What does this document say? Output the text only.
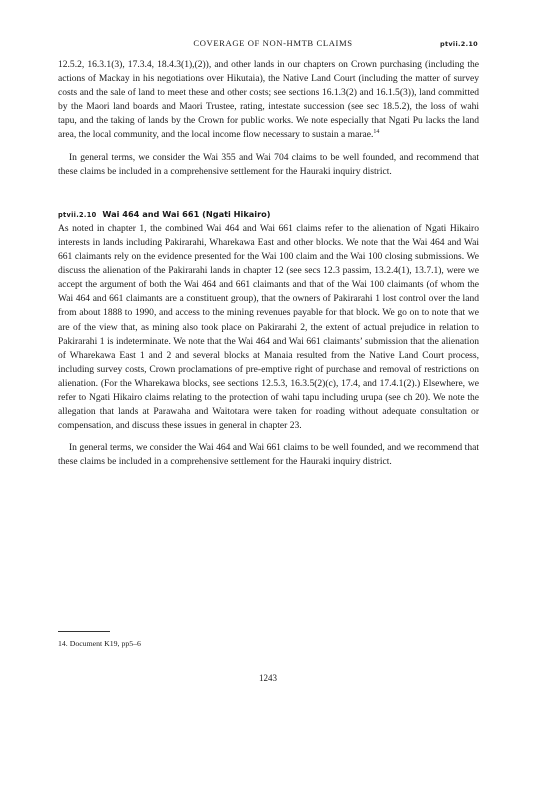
COVERAGE OF NON-HMTB CLAIMS	ptvii.2.10

12.5.2, 16.3.1(3), 17.3.4, 18.4.3(1),(2)), and other lands in our chapters on Crown purchasing (including the actions of Mackay in his negotiations over Hikutaia), the Native Land Court (including the matter of survey costs and the sale of land to meet these and other costs; see sections 16.1.3(2) and 16.1.5(3)), land committed by the Maori land boards and Maori Trustee, rating, intestate succession (see sec 18.5.2), the loss of wahi tapu, and the taking of lands by the Crown for public works. We note especially that Ngati Pu lacks the land area, the local community, and the local income flow necessary to sustain a marae.$^{14}$

In general terms, we consider the Wai 355 and Wai 704 claims to be well founded, and recommend that these claims be included in a comprehensive settlement for the Hauraki inquiry district.

ptvii.2.10 Wai 464 and Wai 661 (Ngati Hikairo)

As noted in chapter 1, the combined Wai 464 and Wai 661 claims refer to the alienation of Ngati Hikairo interests in lands including Pakirarahi, Wharekawa East and other blocks. We note that the Wai 464 and Wai 661 claimants rely on the evidence presented for the Wai 100 claim and the Wai 100 closing submissions. We discuss the alienation of the Pakirarahi lands in chapter 12 (see secs 12.3 passim, 13.2.4(1), 13.7.1), were we accept the argument of both the Wai 464 and 661 claimants and that of the Wai 100 claimants (of whom the Wai 464 and 661 claimants are a constituent group), that the owners of Pakirarahi 1 lost control over the land from about 1888 to 1990, and access to the mining revenues payable for that block. We go on to note that we are of the view that, as mining also took place on Pakirarahi 2, the extent of actual prejudice in relation to Pakirarahi 1 is indeterminate. We note that the Wai 464 and Wai 661 claimants’ submission that the alienation of Wharekawa East 1 and 2 and several blocks at Manaia resulted from the Native Land Court process, including survey costs, Crown proclamations of pre-emptive right of purchase and removal of restrictions on alienation. (For the Wharekawa blocks, see sections 12.5.3, 16.3.5(2)(c), 17.4, and 17.4.1(2).) Elsewhere, we refer to Ngati Hikairo claims relating to the protection of wahi tapu including urupa (see ch 20). We note the allegation that lands at Parawaha and Waitotara were taken for roading without adequate consultation or compensation, and discuss these issues in general in chapter 23.

In general terms, we consider the Wai 464 and Wai 661 claims to be well founded, and we recommend that these claims be included in a comprehensive settlement for the Hauraki inquiry district.

14. Document K19, pp5–6
1243
